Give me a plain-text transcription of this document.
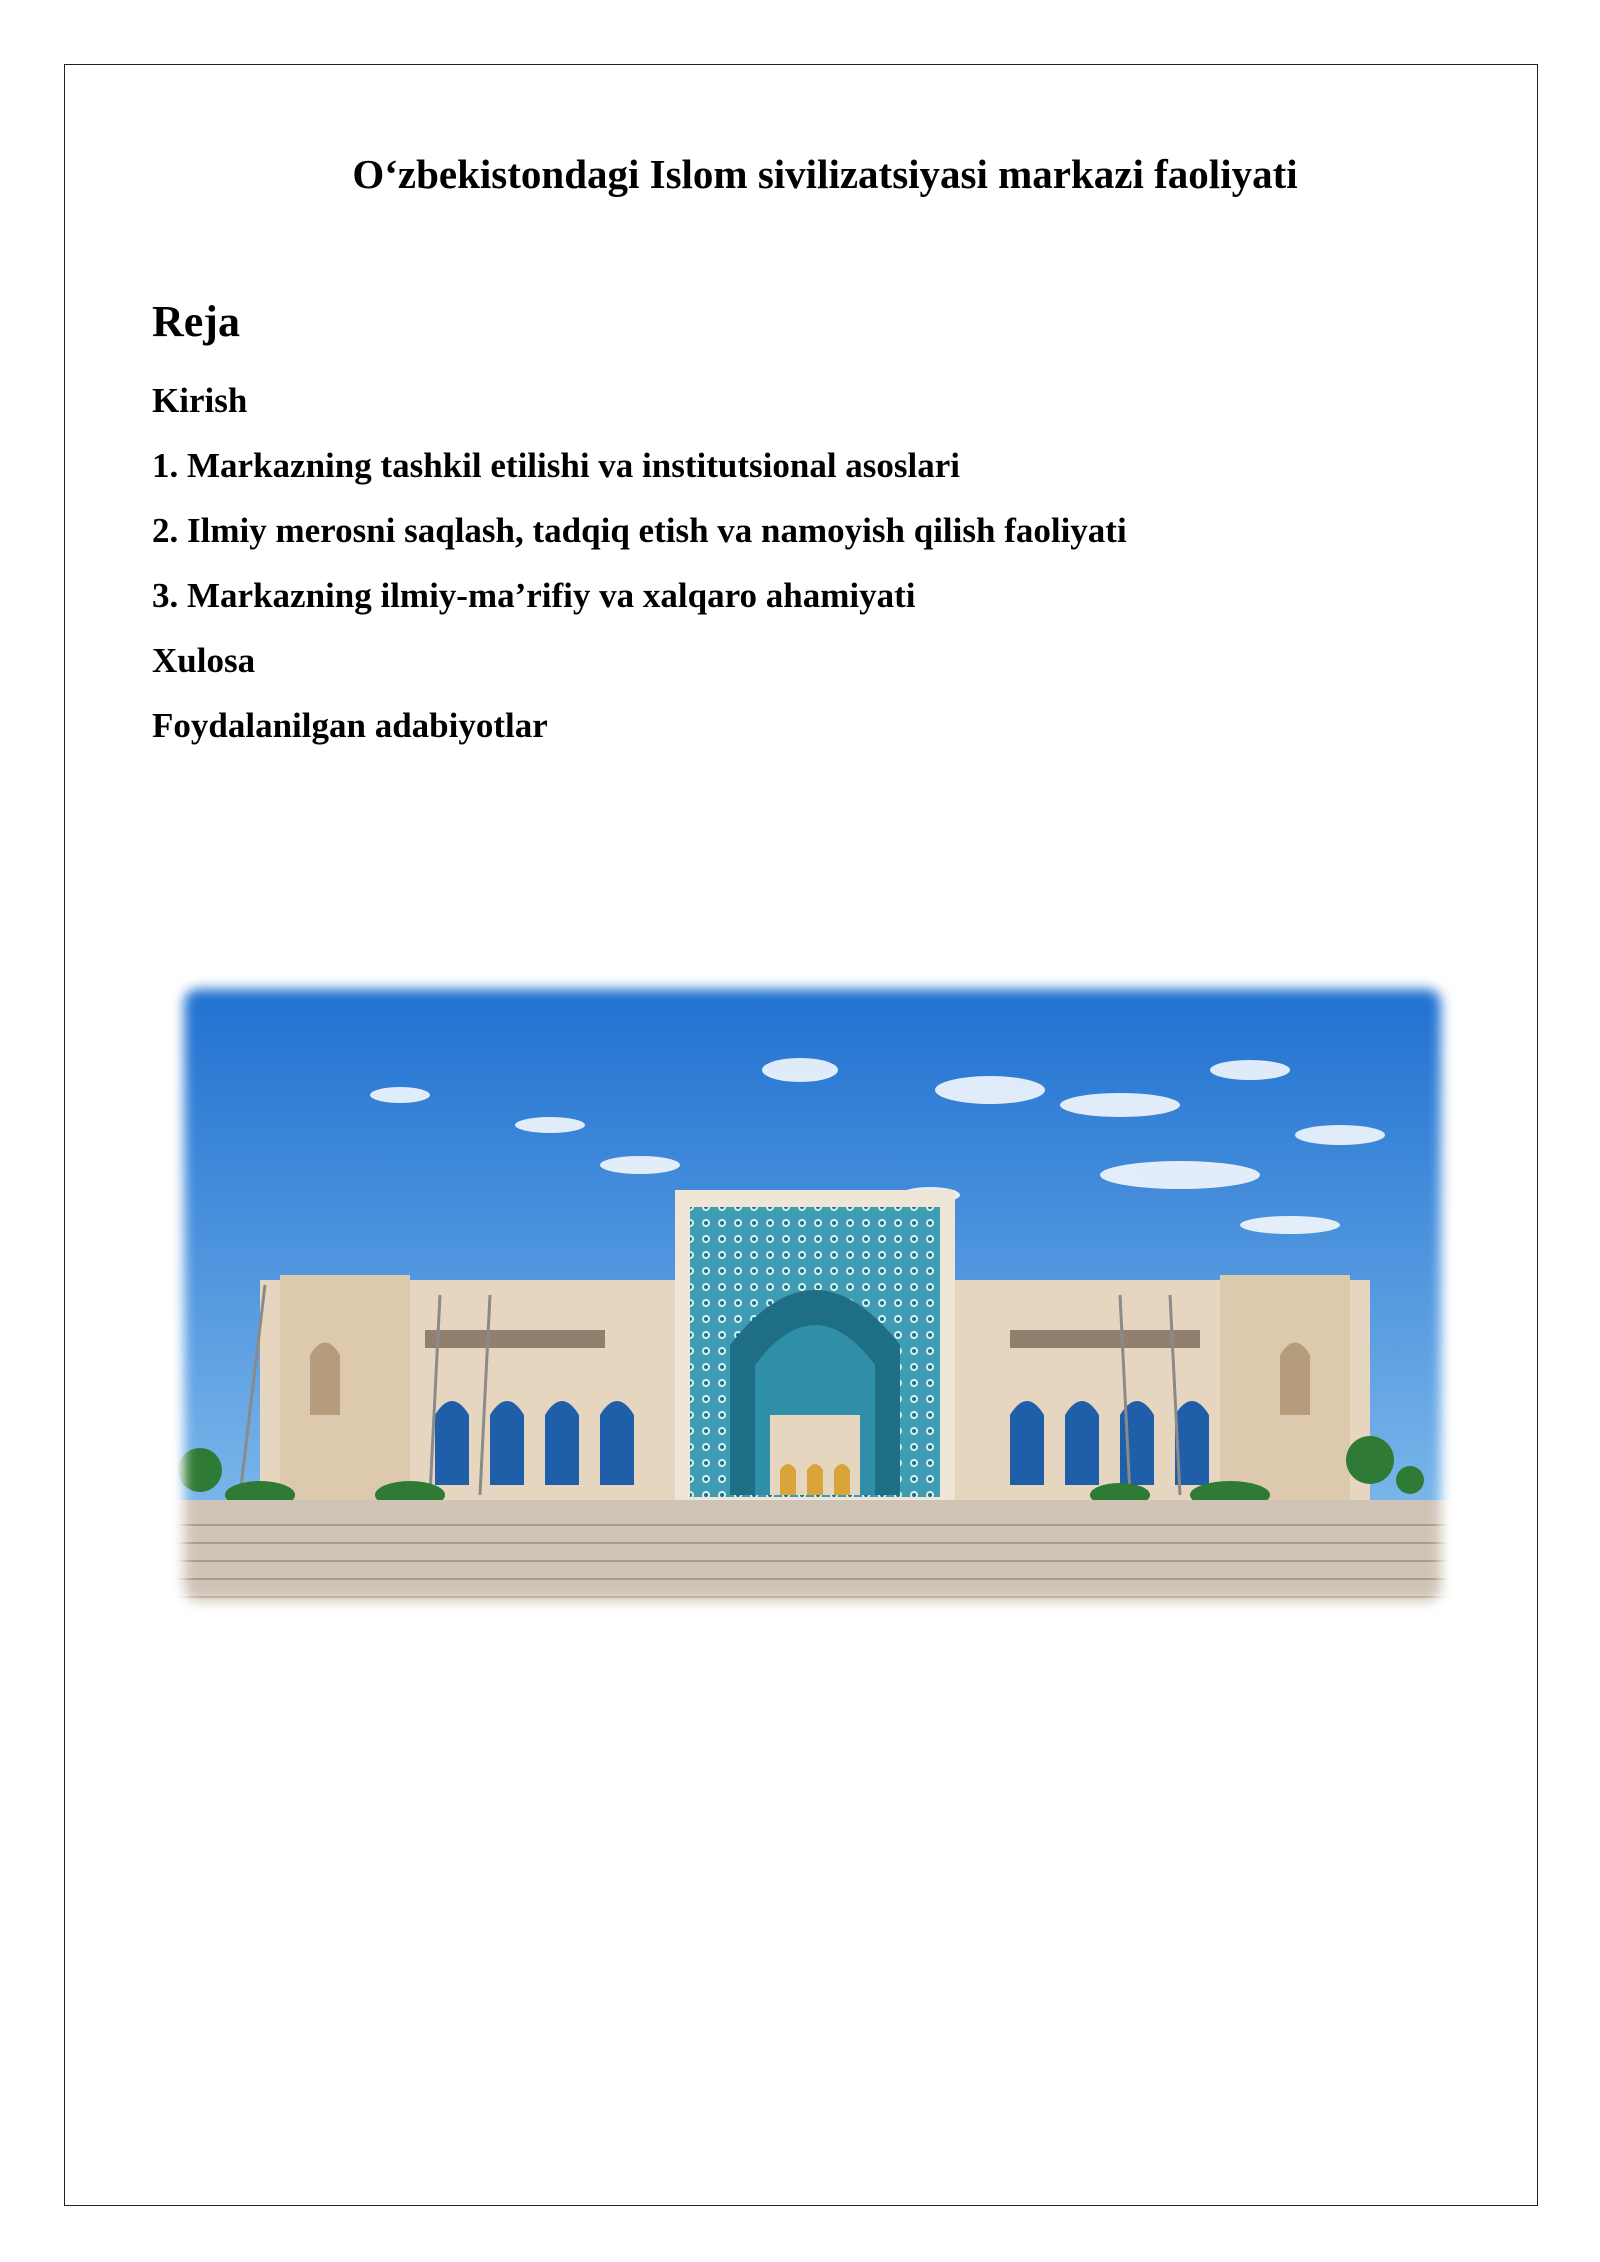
O‘zbekistondagi Islom sivilizatsiyasi markazi faoliyati
Reja
Kirish
1. Markazning tashkil etilishi va institutsional asoslari
2. Ilmiy merosni saqlash, tadqiq etish va namoyish qilish faoliyati
3. Markazning ilmiy-ma’rifiy va xalqaro ahamiyati
Xulosa
Foydalanilgan adabiyotlar
